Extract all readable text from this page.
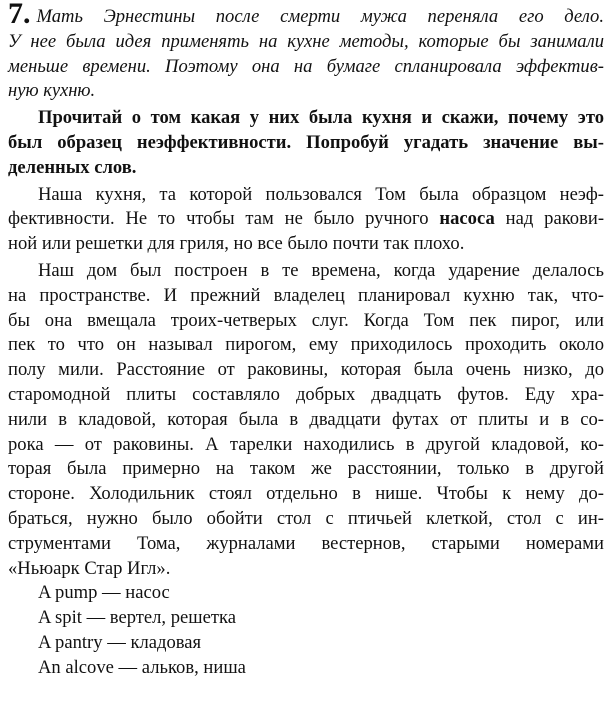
7. Мать Эрнестины после смерти мужа переняла его дело.
У нее была идея применять на кухне методы, которые бы занимали
меньше времени. Поэтому она на бумаге спланировала эффектив-
ную кухню.
Прочитай о том какая у них была кухня и скажи, почему это
был образец неэффективности. Попробуй угадать значение вы-
деленных слов.
Наша кухня, та которой пользовался Том была образцом неэф-
фективности. Не то чтобы там не было ручного насоса над ракови-
ной или решетки для гриля, но все было почти так плохо.
Наш дом был построен в те времена, когда ударение делалось
на пространстве. И прежний владелец планировал кухню так, что-
бы она вмещала троих-четверых слуг. Когда Том пек пирог, или
пек то что он называл пирогом, ему приходилось проходить около
полу мили. Расстояние от раковины, которая была очень низко, до
старомодной плиты составляло добрых двадцать футов. Еду хра-
нили в кладовой, которая была в двадцати футах от плиты и в со-
рока — от раковины. А тарелки находились в другой кладовой, ко-
торая была примерно на таком же расстоянии, только в другой
стороне. Холодильник стоял отдельно в нише. Чтобы к нему до-
браться, нужно было обойти стол с птичьей клеткой, стол с ин-
струментами Тома, журналами вестернов, старыми номерами
«Ньюарк Стар Игл».
A pump — насос
A spit — вертел, решетка
A pantry — кладовая
An alcove — альков, ниша
